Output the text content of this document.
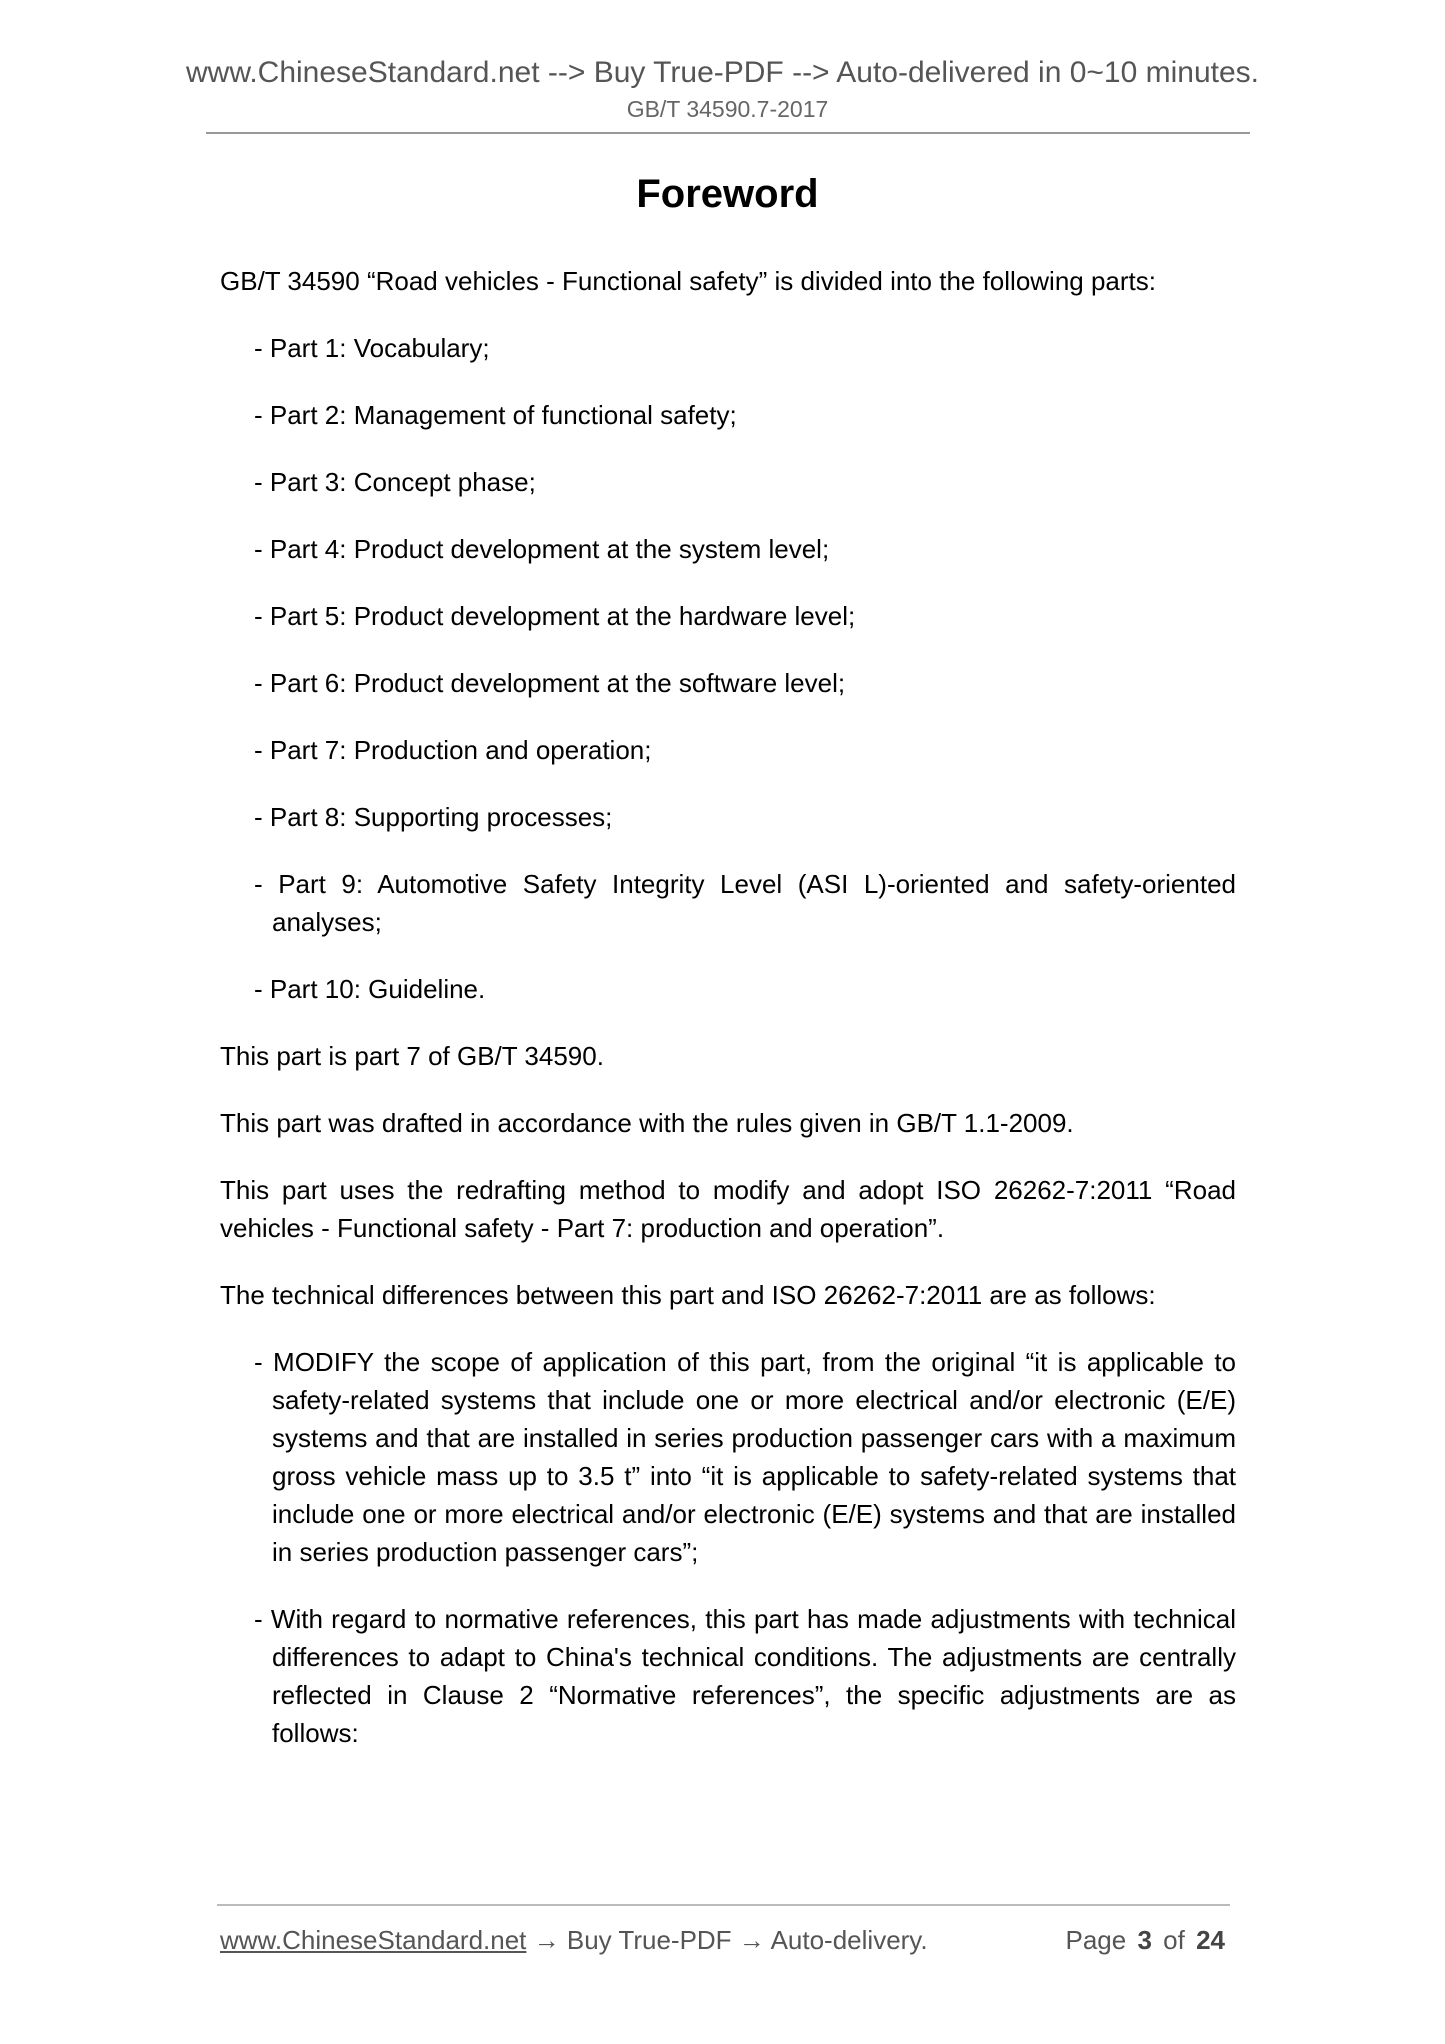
www.ChineseStandard.net --> Buy True-PDF --> Auto-delivered in 0~10 minutes.
GB/T 34590.7-2017
Foreword

GB/T 34590 “Road vehicles - Functional safety” is divided into the following parts:

- Part 1: Vocabulary;

- Part 2: Management of functional safety;

- Part 3: Concept phase;

- Part 4: Product development at the system level;

- Part 5: Product development at the hardware level;

- Part 6: Product development at the software level;

- Part 7: Production and operation;

- Part 8: Supporting processes;

- Part 9: Automotive Safety Integrity Level (ASI L)-oriented and safety-oriented analyses;

- Part 10: Guideline.

This part is part 7 of GB/T 34590.

This part was drafted in accordance with the rules given in GB/T 1.1-2009.

This part uses the redrafting method to modify and adopt ISO 26262-7:2011 “Road vehicles - Functional safety - Part 7: production and operation”.

The technical differences between this part and ISO 26262-7:2011 are as follows:

- MODIFY the scope of application of this part, from the original “it is applicable to safety-related systems that include one or more electrical and/or electronic (E/E) systems and that are installed in series production passenger cars with a maximum gross vehicle mass up to 3.5 t” into “it is applicable to safety-related systems that include one or more electrical and/or electronic (E/E) systems and that are installed in series production passenger cars”;

- With regard to normative references, this part has made adjustments with technical differences to adapt to China's technical conditions. The adjustments are centrally reflected in Clause 2 “Normative references”, the specific adjustments are as follows:

www.ChineseStandard.net → Buy True-PDF → Auto-delivery.	Page 3 of 24
